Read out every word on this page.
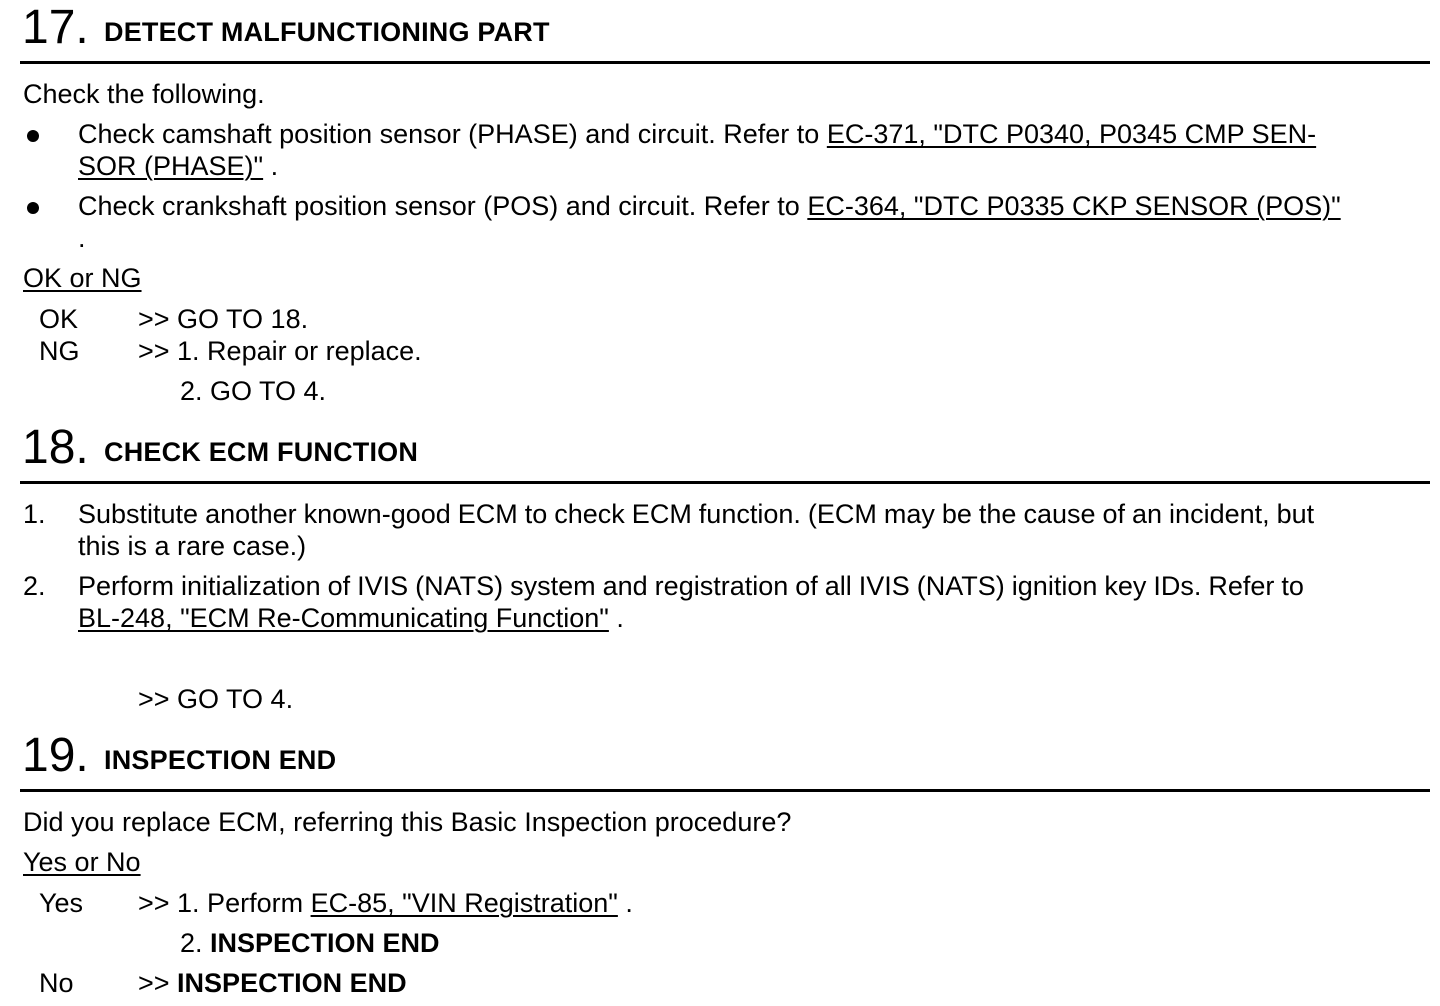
17. DETECT MALFUNCTIONING PART
Check the following.
Check camshaft position sensor (PHASE) and circuit. Refer to EC-371, "DTC P0340, P0345 CMP SEN-
SOR (PHASE)" .
Check crankshaft position sensor (POS) and circuit. Refer to EC-364, "DTC P0335 CKP SENSOR (POS)"
.
OK or NG
OK >> GO TO 18.
NG >> 1. Repair or replace.
2. GO TO 4.
18. CHECK ECM FUNCTION
1. Substitute another known-good ECM to check ECM function. (ECM may be the cause of an incident, but
this is a rare case.)
2. Perform initialization of IVIS (NATS) system and registration of all IVIS (NATS) ignition key IDs. Refer to
BL-248, "ECM Re-Communicating Function" .
>> GO TO 4.
19. INSPECTION END
Did you replace ECM, referring this Basic Inspection procedure?
Yes or No
Yes >> 1. Perform EC-85, "VIN Registration" .
2. INSPECTION END
No >> INSPECTION END
